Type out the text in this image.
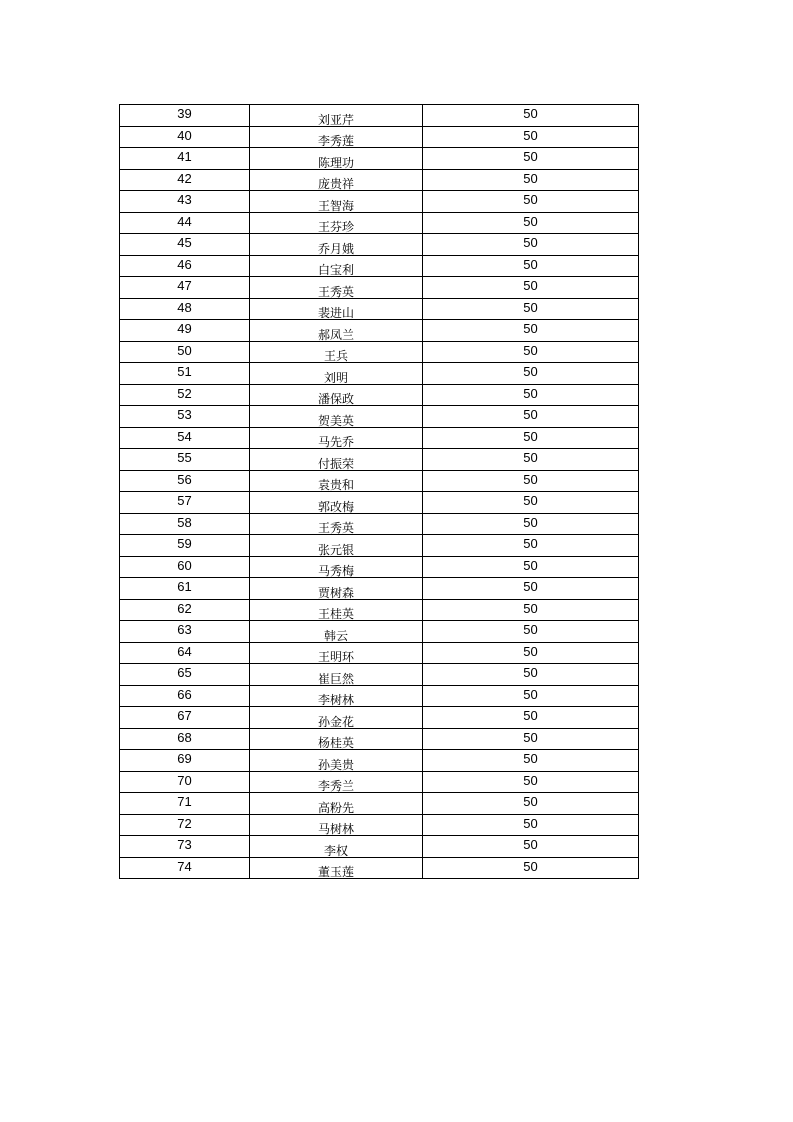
39	刘亚芹	50
40	李秀莲	50
41	陈理功	50
42	庞贵祥	50
43	王智海	50
44	王芬珍	50
45	乔月娥	50
46	白宝利	50
47	王秀英	50
48	裴进山	50
49	郝凤兰	50
50	王兵	50
51	刘明	50
52	潘保政	50
53	贺美英	50
54	马先乔	50
55	付振荣	50
56	袁贵和	50
57	郭改梅	50
58	王秀英	50
59	张元银	50
60	马秀梅	50
61	贾树森	50
62	王桂英	50
63	韩云	50
64	王明环	50
65	崔巨然	50
66	李树林	50
67	孙金花	50
68	杨桂英	50
69	孙美贵	50
70	李秀兰	50
71	高粉先	50
72	马树林	50
73	李权	50
74	董玉莲	50
